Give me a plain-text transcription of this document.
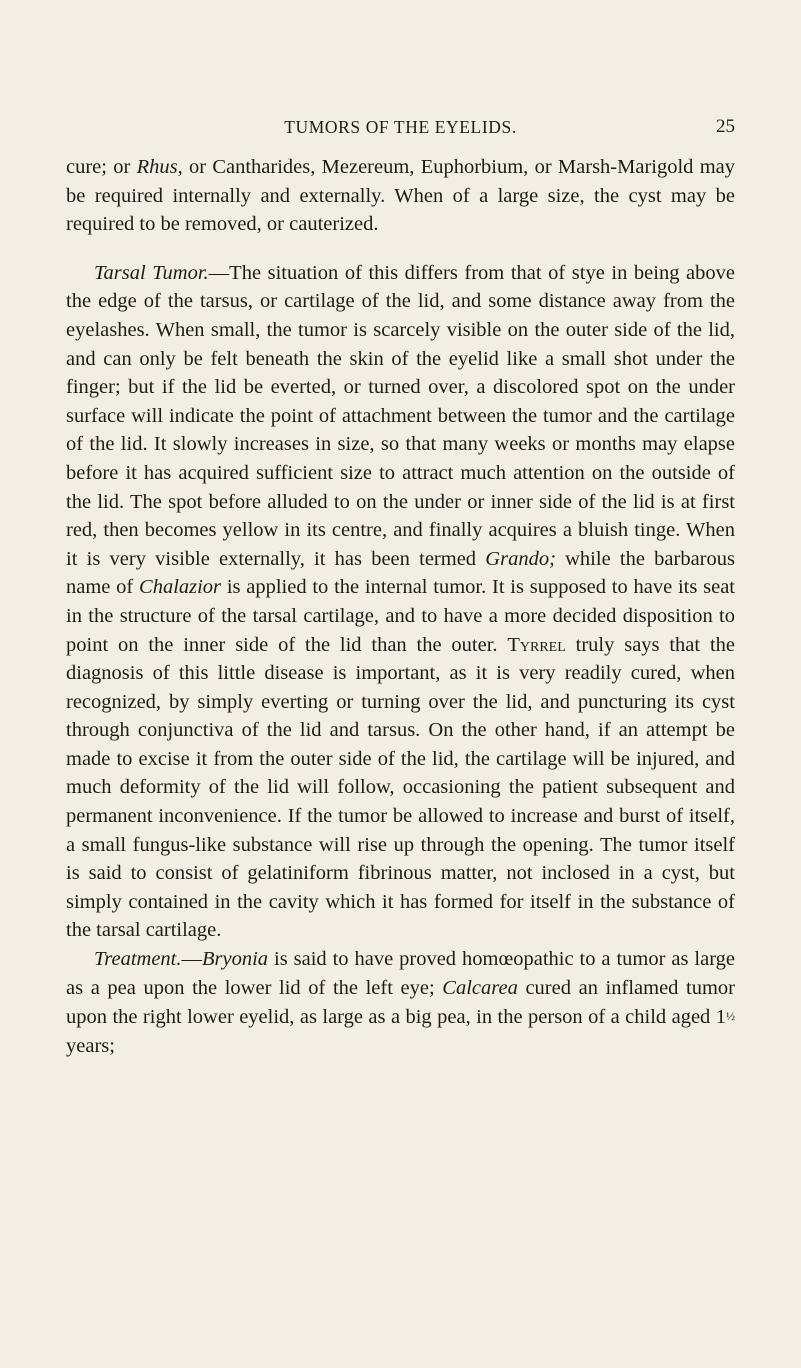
TUMORS OF THE EYELIDS.	25

cure; or Rhus, or Cantharides, Mezereum, Euphorbium, or Marsh-Marigold may be required internally and externally. When of a large size, the cyst may be required to be removed, or cauterized.

Tarsal Tumor.—The situation of this differs from that of stye in being above the edge of the tarsus, or cartilage of the lid, and some distance away from the eyelashes. When small, the tumor is scarcely visible on the outer side of the lid, and can only be felt beneath the skin of the eyelid like a small shot under the finger; but if the lid be everted, or turned over, a discolored spot on the under surface will indicate the point of attachment between the tumor and the cartilage of the lid. It slowly increases in size, so that many weeks or months may elapse before it has acquired sufficient size to attract much attention on the outside of the lid. The spot before alluded to on the under or inner side of the lid is at first red, then becomes yellow in its centre, and finally acquires a bluish tinge. When it is very visible externally, it has been termed Grando; while the barbarous name of Chalazior is applied to the internal tumor. It is supposed to have its seat in the structure of the tarsal cartilage, and to have a more decided disposition to point on the inner side of the lid than the outer. Tyrrel truly says that the diagnosis of this little disease is important, as it is very readily cured, when recognized, by simply everting or turning over the lid, and puncturing its cyst through conjunctiva of the lid and tarsus. On the other hand, if an attempt be made to excise it from the outer side of the lid, the cartilage will be injured, and much deformity of the lid will follow, occasioning the patient subsequent and permanent inconvenience. If the tumor be allowed to increase and burst of itself, a small fungus-like substance will rise up through the opening. The tumor itself is said to consist of gelatiniform fibrinous matter, not inclosed in a cyst, but simply contained in the cavity which it has formed for itself in the substance of the tarsal cartilage.

Treatment.—Bryonia is said to have proved homœopathic to a tumor as large as a pea upon the lower lid of the left eye; Calcarea cured an inflamed tumor upon the right lower eyelid, as large as a big pea, in the person of a child aged 1½ years;
